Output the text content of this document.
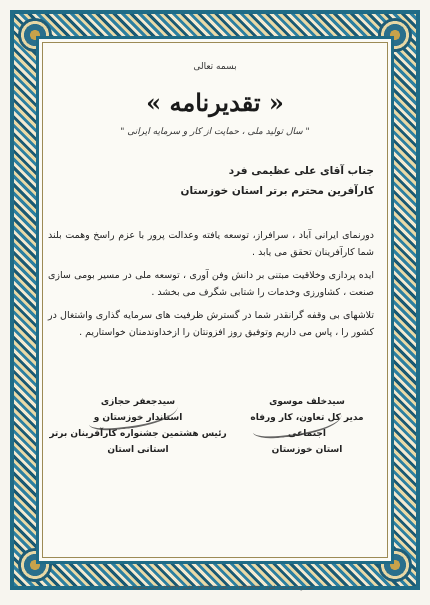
بسمه تعالی
« تقدیرنامه »
" سال تولید ملی ، حمایت از کار و سرمایه ایرانی "
جناب آقای علی عظیمی فرد
کارآفرین محترم برتر استان خوزستان

دورنمای ایرانی آباد ، سرافراز، توسعه یافته وعدالت پرور با عزم راسخ وهمت بلند شما کارآفرینان تحقق می یابد .

ایده پردازی وخلاقیت مبتنی بر دانش وفن آوری ، توسعه ملی در مسیر بومی سازی صنعت ، کشاورزی وخدمات را شتابی شگرف می بخشد .

تلاشهای بی وقفه گرانقدر شما در گسترش ظرفیت های سرمایه گذاری واشتغال در کشور را ، پاس می داریم وتوفیق روز افزونتان را ازخداوندمنان خواستاریم .

سیدخلف موسوی
مدیر کل تعاون، کار ورفاه اجتماعی
استان خوزستان
سیدجعفر حجازی
استاندار خوزستان و
رئیس هشتمین جشنواره کارآفرینان برتر استانی استان
نشر وچاپ جدید - اهواز - ۰۶۱۳۳۳۳۳۳۳ - تلفن ۳۳۳۳۳۳۳ - فکس ۳۳۳۳۳۳ - چاپ محفوظ - ۲۰۱۳
